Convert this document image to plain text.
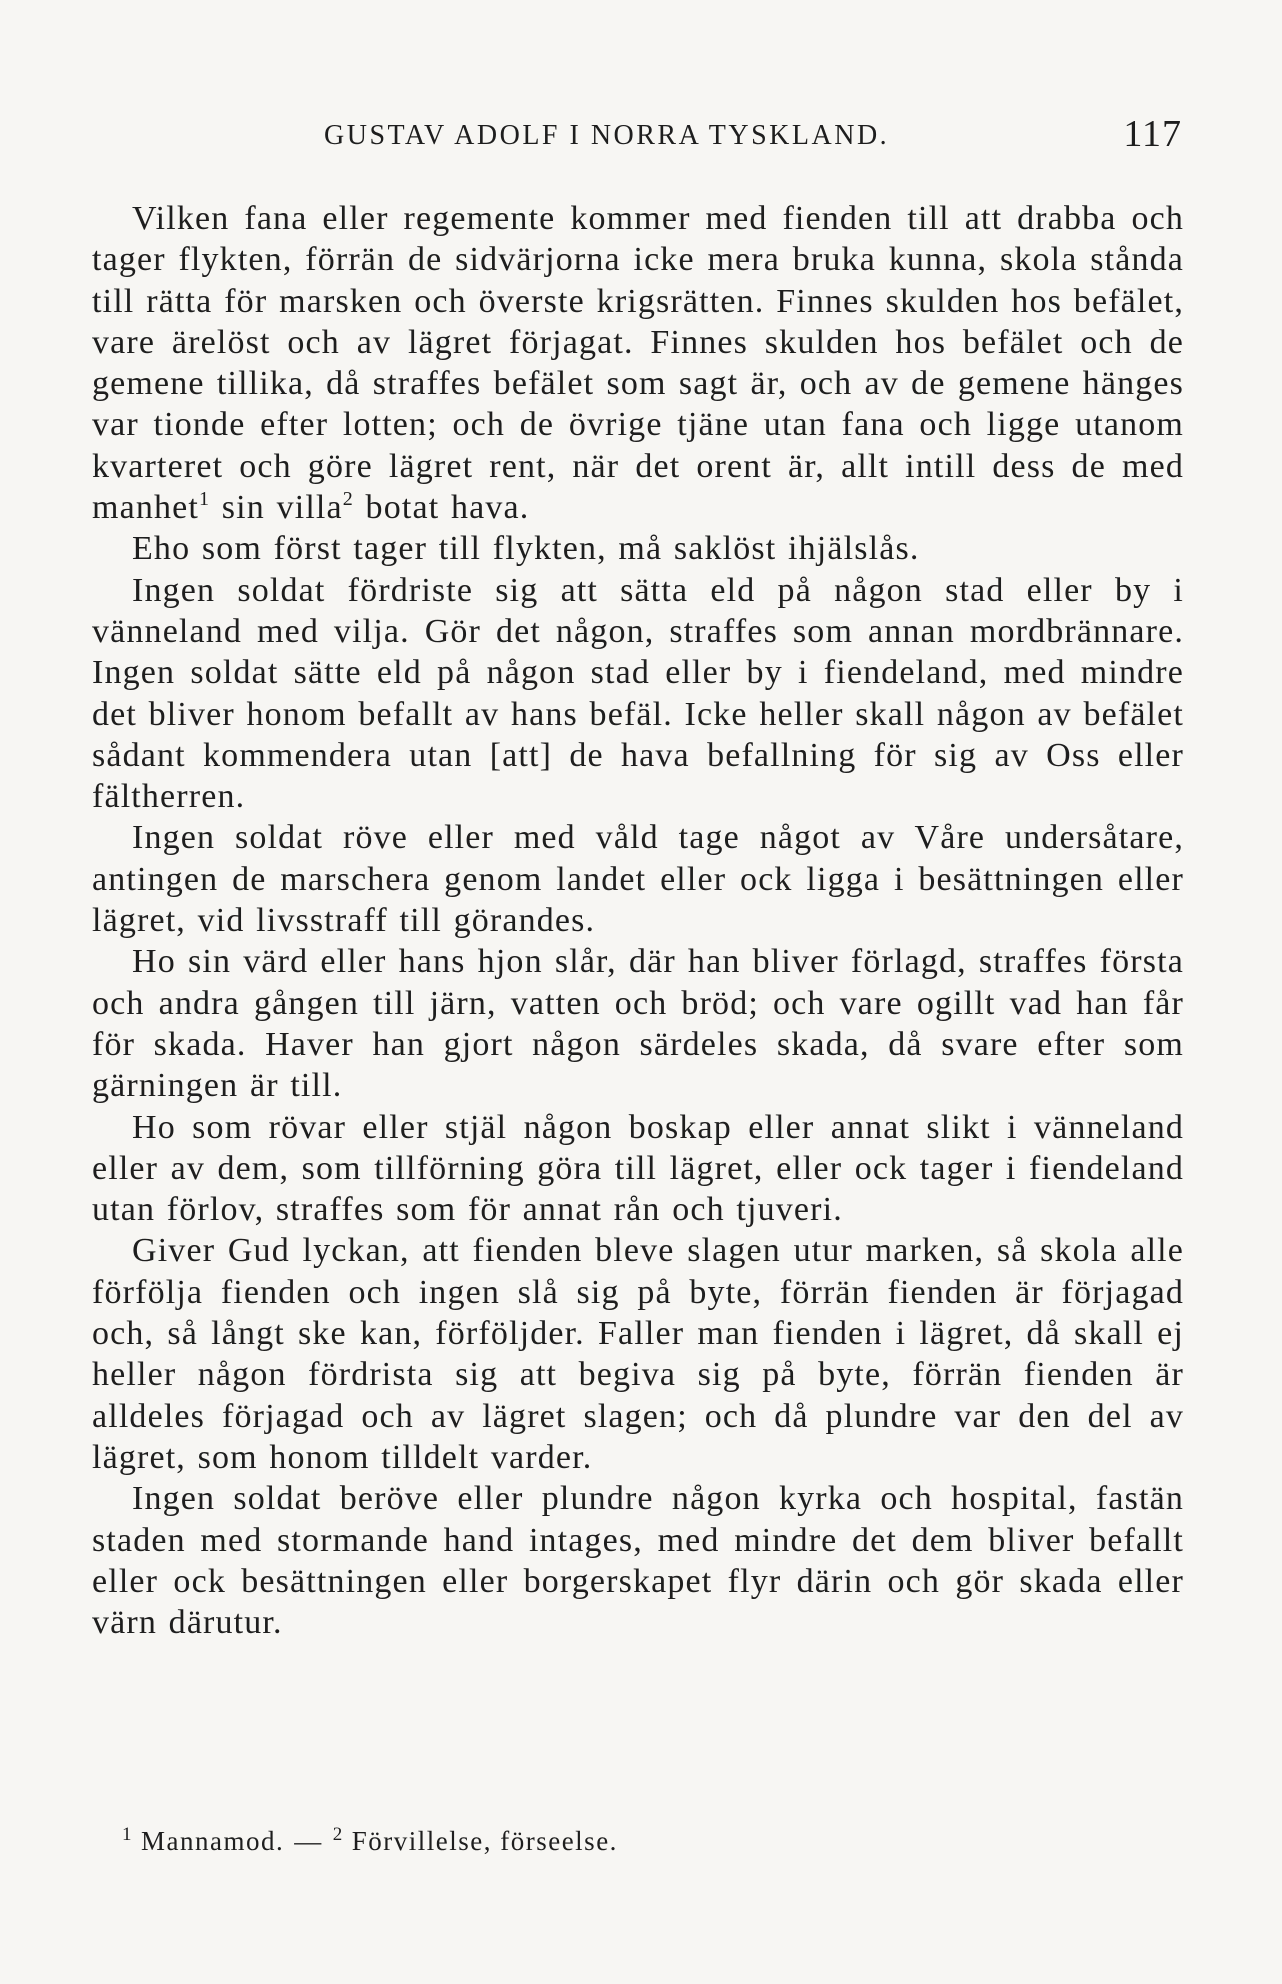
GUSTAV ADOLF I NORRA TYSKLAND.	117

Vilken fana eller regemente kommer med fienden till att drabba och tager flykten, förrän de sidvärjorna icke mera bruka kunna, skola stånda till rätta för marsken och överste krigsrätten. Finnes skulden hos befälet, vare ärelöst och av lägret förjagat. Finnes skulden hos befälet och de gemene tillika, då straffes befälet som sagt är, och av de gemene hänges var tionde efter lotten; och de övrige tjäne utan fana och ligge utanom kvarteret och göre lägret rent, när det orent är, allt intill dess de med manhet$^1$ sin villa$^2$ botat hava.

Eho som först tager till flykten, må saklöst ihjälslås.

Ingen soldat fördriste sig att sätta eld på någon stad eller by i vänneland med vilja. Gör det någon, straffes som annan mordbrännare. Ingen soldat sätte eld på någon stad eller by i fiendeland, med mindre det bliver honom befallt av hans befäl. Icke heller skall någon av befälet sådant kommendera utan [att] de hava befallning för sig av Oss eller fältherren.

Ingen soldat röve eller med våld tage något av Våre undersåtare, antingen de marschera genom landet eller ock ligga i besättningen eller lägret, vid livsstraff till görandes.

Ho sin värd eller hans hjon slår, där han bliver förlagd, straffes första och andra gången till järn, vatten och bröd; och vare ogillt vad han får för skada. Haver han gjort någon särdeles skada, då svare efter som gärningen är till.

Ho som rövar eller stjäl någon boskap eller annat slikt i vänneland eller av dem, som tillförning göra till lägret, eller ock tager i fiendeland utan förlov, straffes som för annat rån och tjuveri.

Giver Gud lyckan, att fienden bleve slagen utur marken, så skola alle förfölja fienden och ingen slå sig på byte, förrän fienden är förjagad och, så långt ske kan, förföljder. Faller man fienden i lägret, då skall ej heller någon fördrista sig att begiva sig på byte, förrän fienden är alldeles förjagad och av lägret slagen; och då plundre var den del av lägret, som honom tilldelt varder.

Ingen soldat beröve eller plundre någon kyrka och hospital, fastän staden med stormande hand intages, med mindre det dem bliver befallt eller ock besättningen eller borgerskapet flyr därin och gör skada eller värn därutur.

$^1$ Mannamod. — $^2$ Förvillelse, förseelse.
